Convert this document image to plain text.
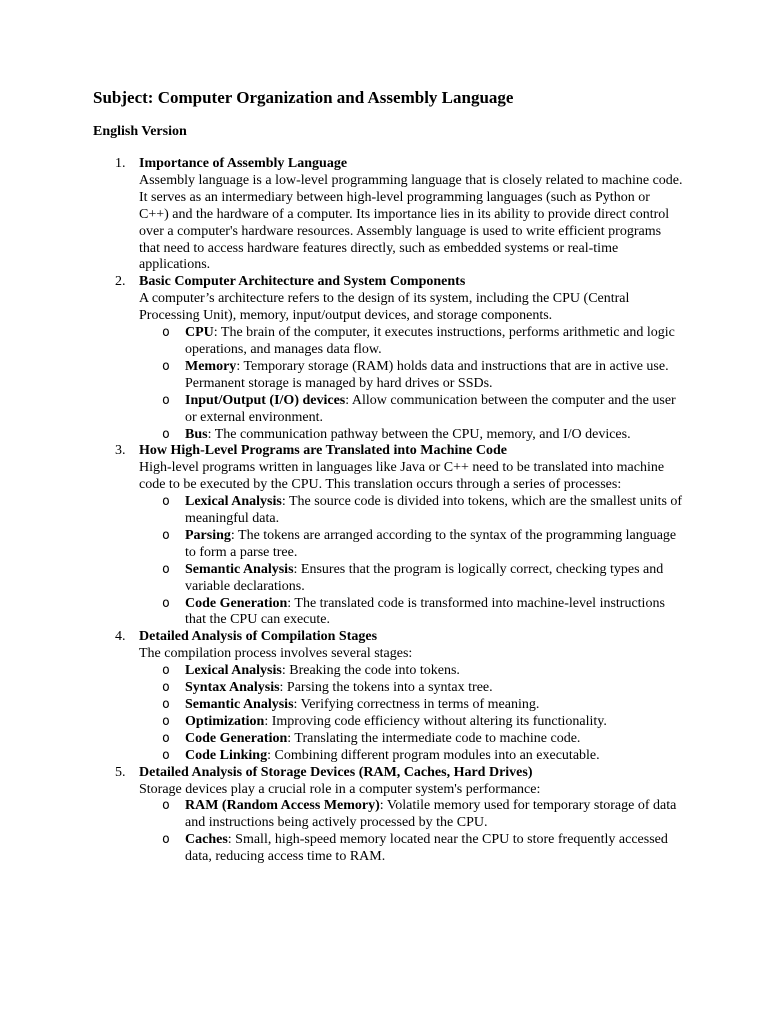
Subject: Computer Organization and Assembly Language
English Version
1. Importance of Assembly Language
Assembly language is a low-level programming language that is closely related to machine code. It serves as an intermediary between high-level programming languages (such as Python or C++) and the hardware of a computer. Its importance lies in its ability to provide direct control over a computer's hardware resources. Assembly language is used to write efficient programs that need to access hardware features directly, such as embedded systems or real-time applications.
2. Basic Computer Architecture and System Components
A computer’s architecture refers to the design of its system, including the CPU (Central Processing Unit), memory, input/output devices, and storage components.
o CPU: The brain of the computer, it executes instructions, performs arithmetic and logic operations, and manages data flow.
o Memory: Temporary storage (RAM) holds data and instructions that are in active use. Permanent storage is managed by hard drives or SSDs.
o Input/Output (I/O) devices: Allow communication between the computer and the user or external environment.
o Bus: The communication pathway between the CPU, memory, and I/O devices.
3. How High-Level Programs are Translated into Machine Code
High-level programs written in languages like Java or C++ need to be translated into machine code to be executed by the CPU. This translation occurs through a series of processes:
o Lexical Analysis: The source code is divided into tokens, which are the smallest units of meaningful data.
o Parsing: The tokens are arranged according to the syntax of the programming language to form a parse tree.
o Semantic Analysis: Ensures that the program is logically correct, checking types and variable declarations.
o Code Generation: The translated code is transformed into machine-level instructions that the CPU can execute.
4. Detailed Analysis of Compilation Stages
The compilation process involves several stages:
o Lexical Analysis: Breaking the code into tokens.
o Syntax Analysis: Parsing the tokens into a syntax tree.
o Semantic Analysis: Verifying correctness in terms of meaning.
o Optimization: Improving code efficiency without altering its functionality.
o Code Generation: Translating the intermediate code to machine code.
o Code Linking: Combining different program modules into an executable.
5. Detailed Analysis of Storage Devices (RAM, Caches, Hard Drives)
Storage devices play a crucial role in a computer system's performance:
o RAM (Random Access Memory): Volatile memory used for temporary storage of data and instructions being actively processed by the CPU.
o Caches: Small, high-speed memory located near the CPU to store frequently accessed data, reducing access time to RAM.
